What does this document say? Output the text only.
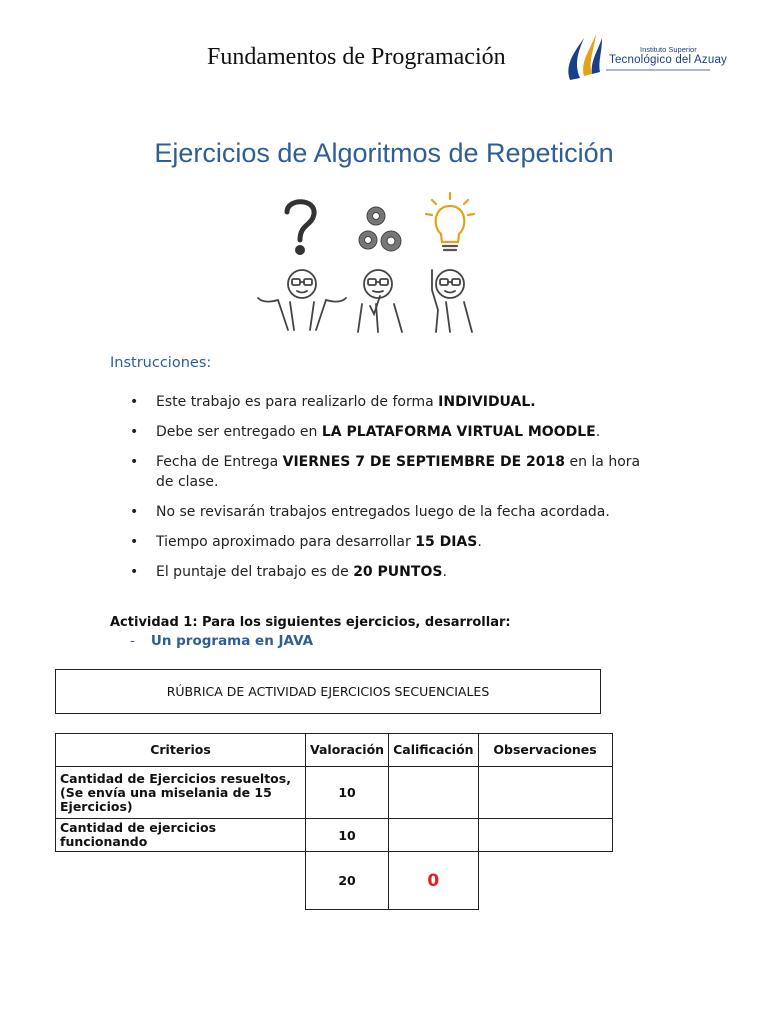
Fundamentos de Programación	Instituto Superior
Tecnológico del Azuay
Ejercicios de Algoritmos de Repetición
Instrucciones:
• Este trabajo es para realizarlo de forma INDIVIDUAL.
• Debe ser entregado en LA PLATAFORMA VIRTUAL MOODLE.
• Fecha de Entrega VIERNES 7 DE SEPTIEMBRE DE 2018 en la hora de clase.
• No se revisarán trabajos entregados luego de la fecha acordada.
• Tiempo aproximado para desarrollar 15 DIAS.
• El puntaje del trabajo es de 20 PUNTOS.
Actividad 1: Para los siguientes ejercicios, desarrollar:
- Un programa en JAVA
RÚBRICA DE ACTIVIDAD EJERCICIOS SECUENCIALES
Criterios	Valoración	Calificación	Observaciones
Cantidad de Ejercicios resueltos, (Se envía una miselania de 15 Ejercicios)	10		
Cantidad de ejercicios funcionando	10		
	20	0	
